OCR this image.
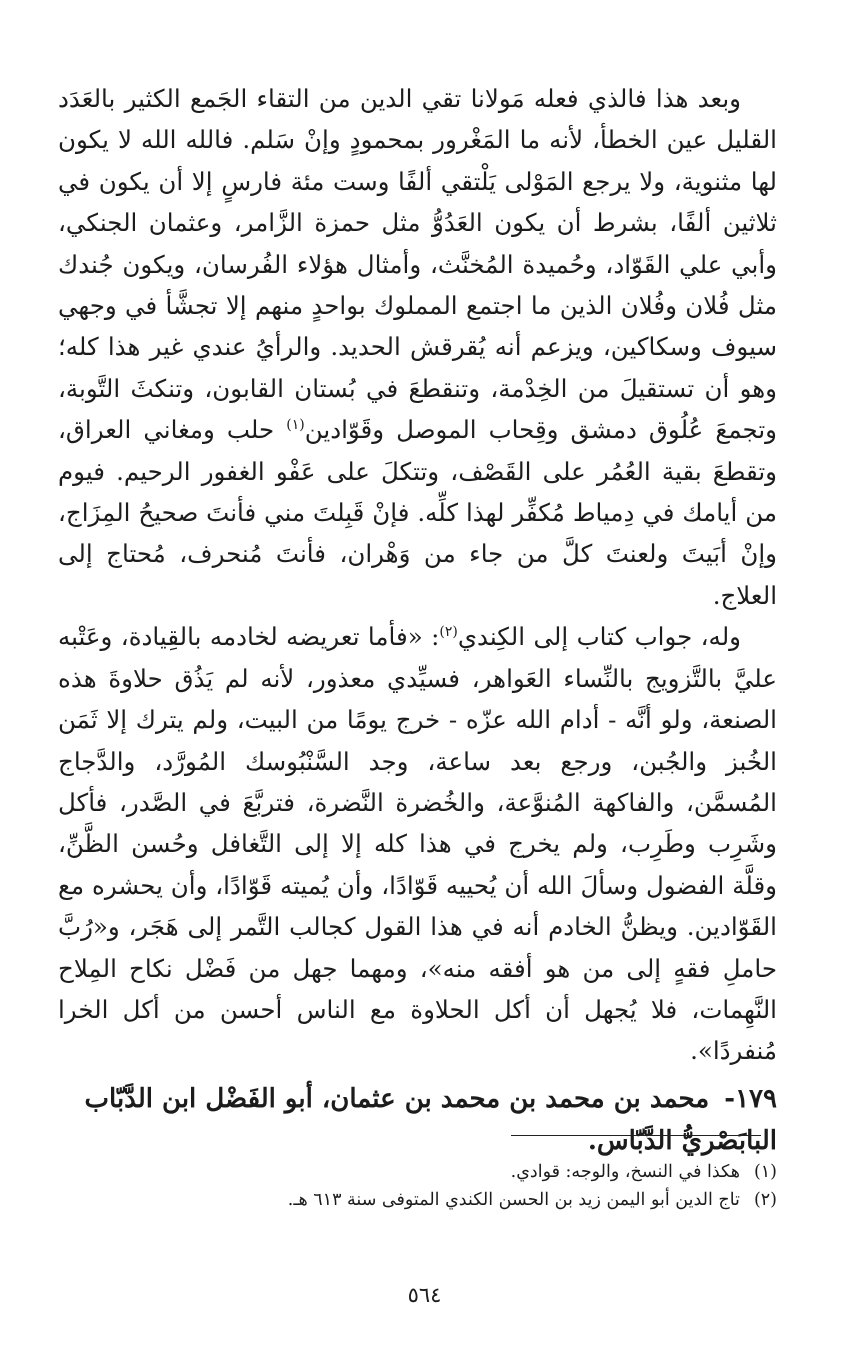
وبعد هذا فالذي فعله مَولانا تقي الدين من التقاء الجَمع الكثير بالعَدَد القليل عين الخطأ، لأنه ما المَغْرور بمحمودٍ وإنْ سَلم. فالله الله لا يكون لها مثنوية، ولا يرجع المَوْلى يَلْتقي ألفًا وست مئة فارسٍ إلا أن يكون في ثلاثين ألفًا، بشرط أن يكون العَدُوُّ مثل حمزة الزَّامر، وعثمان الجنكي، وأبي علي القَوّاد، وحُميدة المُخنَّث، وأمثال هؤلاء الفُرسان، ويكون جُندك مثل فُلان وفُلان الذين ما اجتمع المملوك بواحدٍ منهم إلا تجشَّأ في وجهي سيوف وسكاكين، ويزعم أنه يُقرقش الحديد. والرأيُ عندي غير هذا كله؛ وهو أن تستقيلَ من الخِدْمة، وتنقطعَ في بُستان القابون، وتنكثَ التَّوبة، وتجمعَ عُلُوق دمشق وقِحاب الموصل وقَوّادين$^{(١)}$ حلب ومغاني العراق، وتقطعَ بقية العُمُر على القَصْف، وتتكلَ على عَفْو الغفور الرحيم. فيوم من أيامك في دِمياط مُكفِّر لهذا كلِّه. فإنْ قَبِلتَ مني فأنتَ صحيحُ المِزَاج، وإنْ أبَيتَ ولعنتَ كلَّ من جاء من وَهْران، فأنتَ مُنحرف، مُحتاج إلى العلاج.

وله، جواب كتاب إلى الكِندي$^{(٢)}$: «فأما تعريضه لخادمه بالقِيادة، وعَتْبه عليَّ بالتَّزويج بالنِّساء العَواهر، فسيِّدي معذور، لأنه لم يَذُق حلاوةَ هذه الصنعة، ولو أنَّه - أدام الله عزّه - خرج يومًا من البيت، ولم يترك إلا ثَمَن الخُبز والجُبن، ورجع بعد ساعة، وجد السَّنْبُوسك المُورَّد، والدَّجاج المُسمَّن، والفاكهة المُنوَّعة، والخُضرة النَّضرة، فتربَّعَ في الصَّدر، فأكل وشَرِب وطَرِب، ولم يخرج في هذا كله إلا إلى التَّغافل وحُسن الظَّنِّ، وقلَّة الفضول وسألَ الله أن يُحييه قَوّادًا، وأن يُميته قَوّادًا، وأن يحشره مع القَوّادين. ويظنُّ الخادم أنه في هذا القول كجالب التَّمر إلى هَجَر، و«رُبَّ حاملِ فقهٍ إلى من هو أفقه منه»، ومهما جهل من فَضْل نكاح المِلاح النَّهِمات، فلا يُجهل أن أكل الحلاوة مع الناس أحسن من أكل الخرا مُنفردًا».

١٧٩- محمد بن محمد بن محمد بن عثمان، أبو الفَضْل ابن الدَّبّاب البابَصْريُّ الدَّبّاس.

(١)
هكذا في النسخ، والوجه: قوادي.

(٢)
تاج الدين أبو اليمن زيد بن الحسن الكندي المتوفى سنة ٦١٣ هـ.

٥٦٤
